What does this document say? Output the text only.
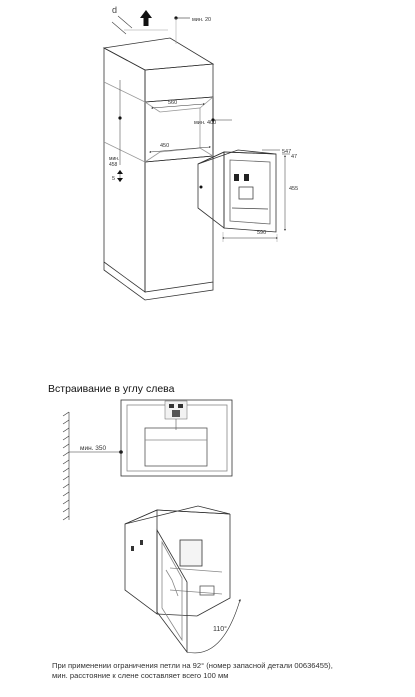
d
мин. 20
560
мин. 400
450
мин.
458
5
547
47
455
590
мин. 350
110°
Встраивание в углу слева
При применении ограничения петли на 92° (номер запасной детали 00636455),
мин. расстояние к слене составляет всего 100 мм
